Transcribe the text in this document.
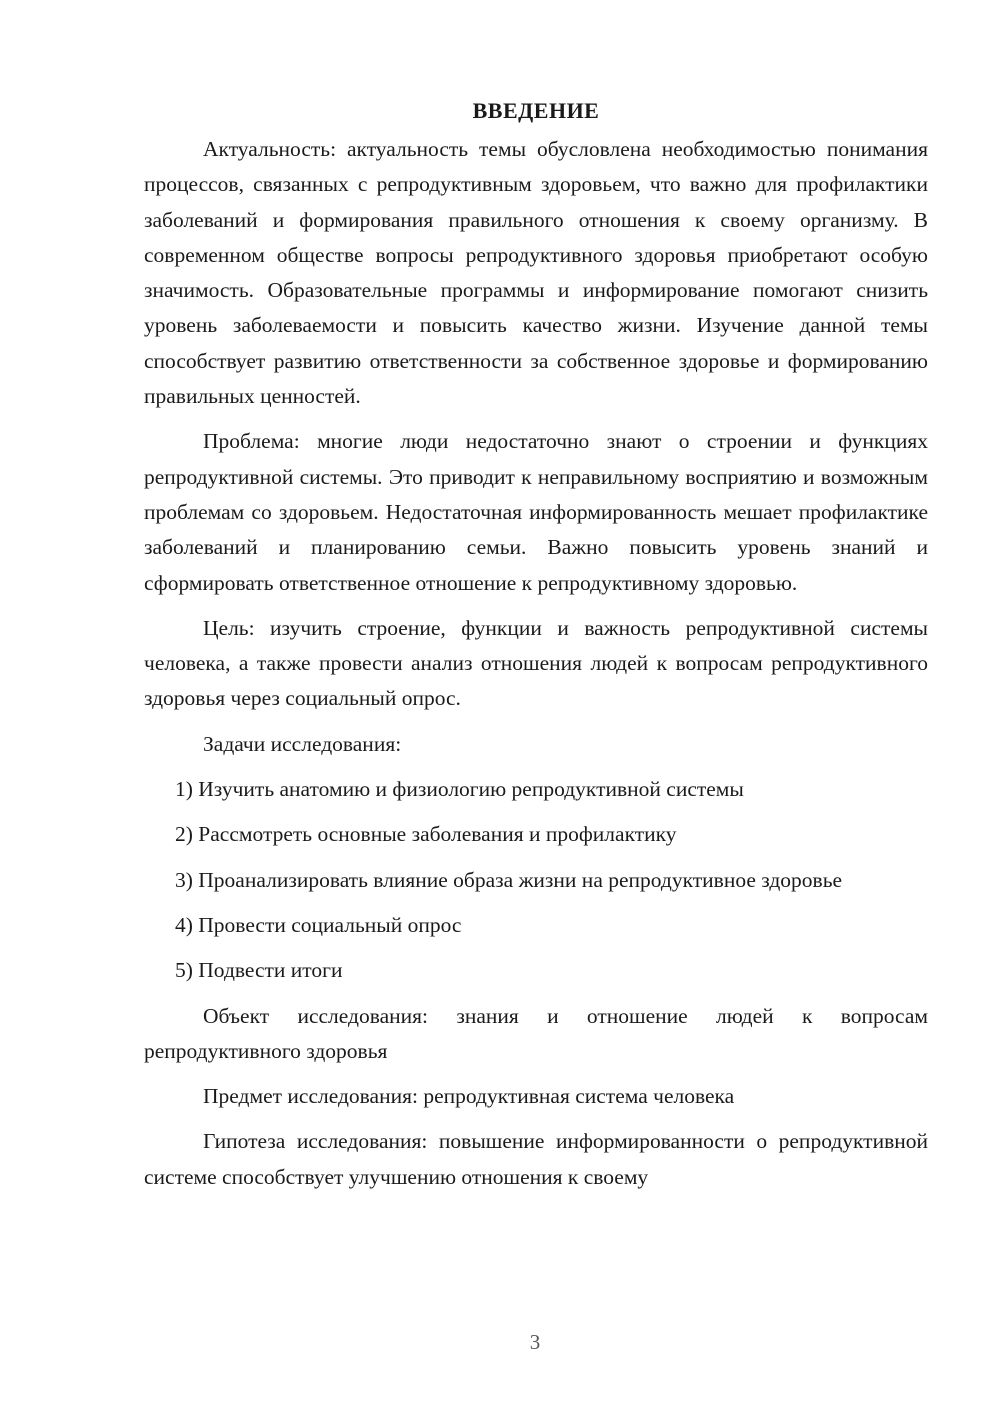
ВВЕДЕНИЕ

Актуальность: актуальность темы обусловлена необходимостью понимания процессов, связанных с репродуктивным здоровьем, что важно для профилактики заболеваний и формирования правильного отношения к своему организму. В современном обществе вопросы репродуктивного здоровья приобретают особую значимость. Образовательные программы и информирование помогают снизить уровень заболеваемости и повысить качество жизни. Изучение данной темы способствует развитию ответственности за собственное здоровье и формированию правильных ценностей.

Проблема: многие люди недостаточно знают о строении и функциях репродуктивной системы. Это приводит к неправильному восприятию и возможным проблемам со здоровьем. Недостаточная информированность мешает профилактике заболеваний и планированию семьи. Важно повысить уровень знаний и сформировать ответственное отношение к репродуктивному здоровью.

Цель: изучить строение, функции и важность репродуктивной системы человека, а также провести анализ отношения людей к вопросам репродуктивного здоровья через социальный опрос.

Задачи исследования:

1) Изучить анатомию и физиологию репродуктивной системы

2) Рассмотреть основные заболевания и профилактику

3) Проанализировать влияние образа жизни на репродуктивное здоровье

4) Провести социальный опрос

5) Подвести итоги

Объект исследования: знания и отношение людей к вопросам репродуктивного здоровья

Предмет исследования: репродуктивная система человека

Гипотеза исследования: повышение информированности о репродуктивной системе способствует улучшению отношения к своему

3
